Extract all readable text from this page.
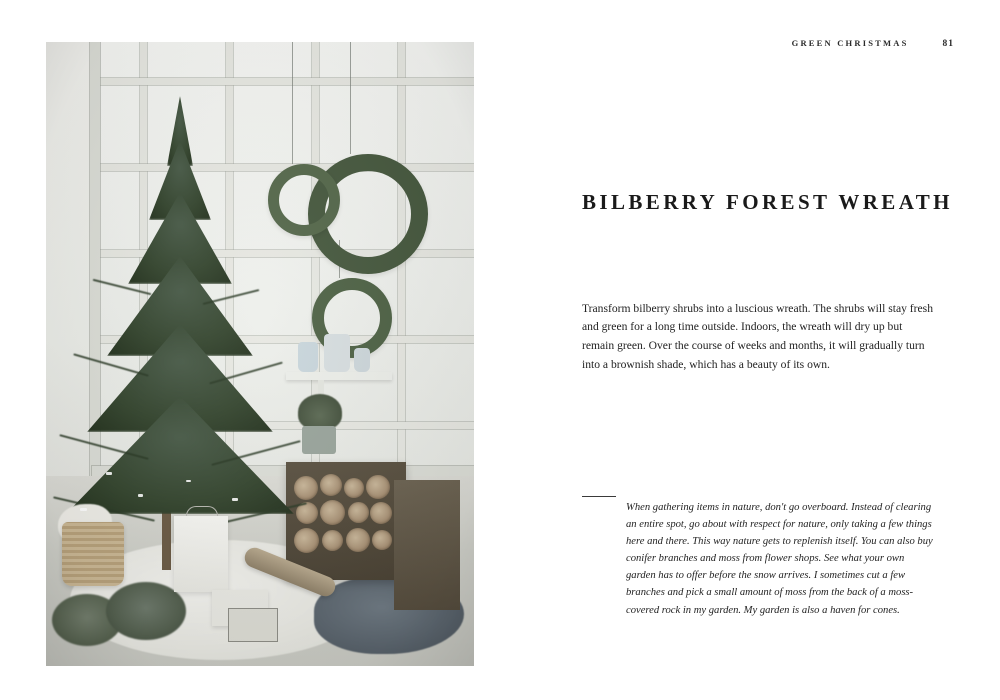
GREEN CHRISTMAS	81
BILBERRY FOREST WREATH

Transform bilberry shrubs into a luscious wreath. The shrubs will stay fresh and green for a long time outside. Indoors, the wreath will dry up but remain green. Over the course of weeks and months, it will gradually turn into a brownish shade, which has a beauty of its own.

When gathering items in nature, don't go overboard. Instead of clearing an entire spot, go about with respect for nature, only taking a few things here and there. This way nature gets to replenish itself. You can also buy conifer branches and moss from flower shops. See what your own garden has to offer before the snow arrives. I sometimes cut a few branches and pick a small amount of moss from the back of a moss-covered rock in my garden. My garden is also a haven for cones.
